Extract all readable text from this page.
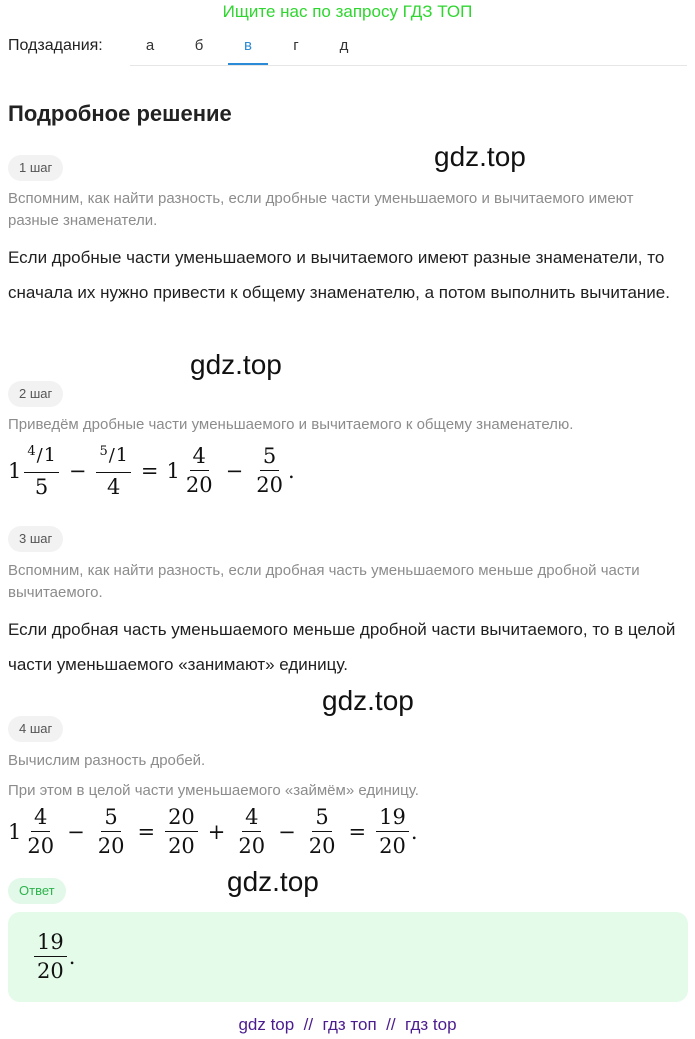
Ищите нас по запросу ГДЗ ТОП
Подзадания:	а	б	в	г	д
Подробное решение
1 шаг	gdz.top
Вспомним, как найти разность, если дробные части уменьшаемого и вычитаемого имеют разные знаменатели.
Если дробные части уменьшаемого и вычитаемого имеют разные знаменатели, то сначала их нужно привести к общему знаменателю, а потом выполнить вычитание.
gdz.top
2 шаг
Приведём дробные части уменьшаемого и вычитаемого к общему знаменателю.
$1 \frac{^4/1}{5} - \frac{^5/1}{4} = 1 \frac{4}{20} - \frac{5}{20}$ .
3 шаг
Вспомним, как найти разность, если дробная часть уменьшаемого меньше дробной части вычитаемого.
Если дробная часть уменьшаемого меньше дробной части вычитаемого, то в целой части уменьшаемого «занимают» единицу.
gdz.top
4 шаг
Вычислим разность дробей.
При этом в целой части уменьшаемого «займём» единицу.
$1 \frac{4}{20} - \frac{5}{20} = \frac{20}{20} + \frac{4}{20} - \frac{5}{20} = \frac{19}{20}$ .
Ответ	gdz.top
$\frac{19}{20}$ .
gdz top  //  гдз топ  //  гдз top
